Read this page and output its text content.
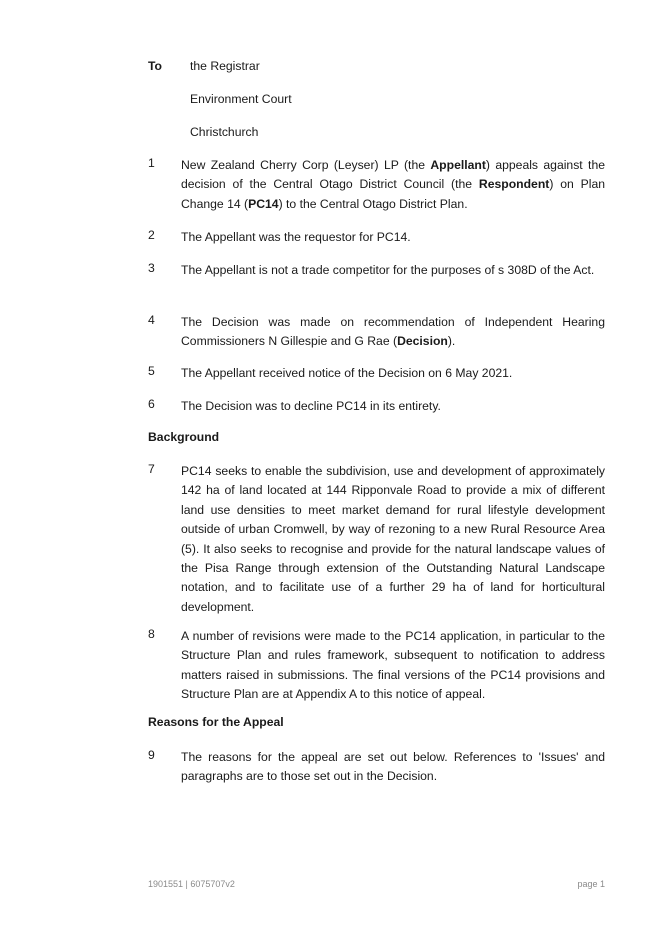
To the Registrar
Environment Court
Christchurch
1 New Zealand Cherry Corp (Leyser) LP (the Appellant) appeals against the decision of the Central Otago District Council (the Respondent) on Plan Change 14 (PC14) to the Central Otago District Plan.
2 The Appellant was the requestor for PC14.
3 The Appellant is not a trade competitor for the purposes of s 308D of the Act.
4 The Decision was made on recommendation of Independent Hearing Commissioners N Gillespie and G Rae (Decision).
5 The Appellant received notice of the Decision on 6 May 2021.
6 The Decision was to decline PC14 in its entirety.
Background
7 PC14 seeks to enable the subdivision, use and development of approximately 142 ha of land located at 144 Ripponvale Road to provide a mix of different land use densities to meet market demand for rural lifestyle development outside of urban Cromwell, by way of rezoning to a new Rural Resource Area (5). It also seeks to recognise and provide for the natural landscape values of the Pisa Range through extension of the Outstanding Natural Landscape notation, and to facilitate use of a further 29 ha of land for horticultural development.
8 A number of revisions were made to the PC14 application, in particular to the Structure Plan and rules framework, subsequent to notification to address matters raised in submissions. The final versions of the PC14 provisions and Structure Plan are at Appendix A to this notice of appeal.
Reasons for the Appeal
9 The reasons for the appeal are set out below. References to 'Issues' and paragraphs are to those set out in the Decision.
1901551 | 6075707v2	page 1
